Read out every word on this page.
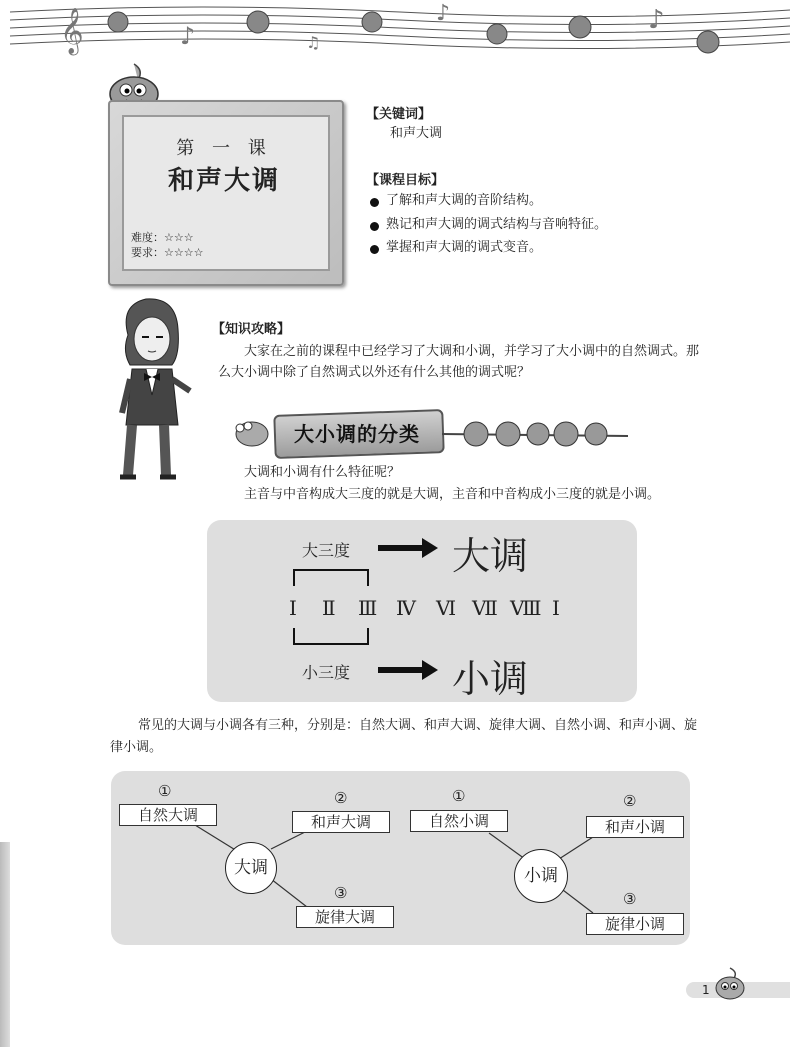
𝄞	♪
♪	♪
♫
第 一 课
和声大调
难度：☆☆☆
要求：☆☆☆☆
【关键词】
和声大调
【课程目标】
了解和声大调的音阶结构。
熟记和声大调的调式结构与音响特征。
掌握和声大调的调式变音。
【知识攻略】
大家在之前的课程中已经学习了大调和小调，并学习了大小调中的自然调式。那
么大小调中除了自然调式以外还有什么其他的调式呢？
大小调的分类
大调和小调有什么特征呢？
主音与中音构成大三度的就是大调，主音和中音构成小三度的就是小调。
大三度	大调
Ⅰ Ⅱ Ⅲ Ⅳ Ⅵ Ⅶ Ⅷ Ⅰ
小三度	小调
常见的大调与小调各有三种，分别是：自然大调、和声大调、旋律大调、自然小调、和声小调、旋
律小调。
①
自然大调
②
和声大调
③
旋律大调
大调
①
自然小调
②
和声小调
③
旋律小调
小调
1
